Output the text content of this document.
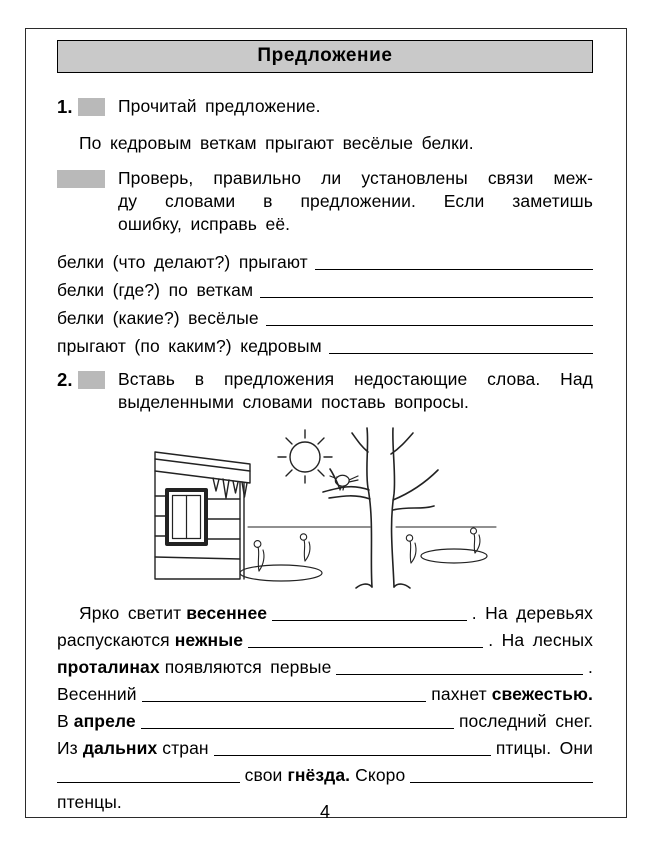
Предложение
1.	Прочитай предложение.
По кедровым веткам прыгают весёлые белки.
Проверь, правильно ли установлены связи меж-
ду словами в предложении. Если заметишь
ошибку, исправь её.
белки (что делают?) прыгают
белки (где?) по веткам
белки (какие?) весёлые
прыгают (по каким?) кедровым
2.	Вставь в предложения недостающие слова. Над
выделенными словами поставь вопросы.
Ярко светит весеннее	. На деревьях
распускаются нежные	. На лесных
проталинах появляются первые	.
Весенний	пахнет свежестью.
В апреле	последний снег.
Из дальних стран	птицы. Они
свои гнёзда. Скоро
птенцы.	4
